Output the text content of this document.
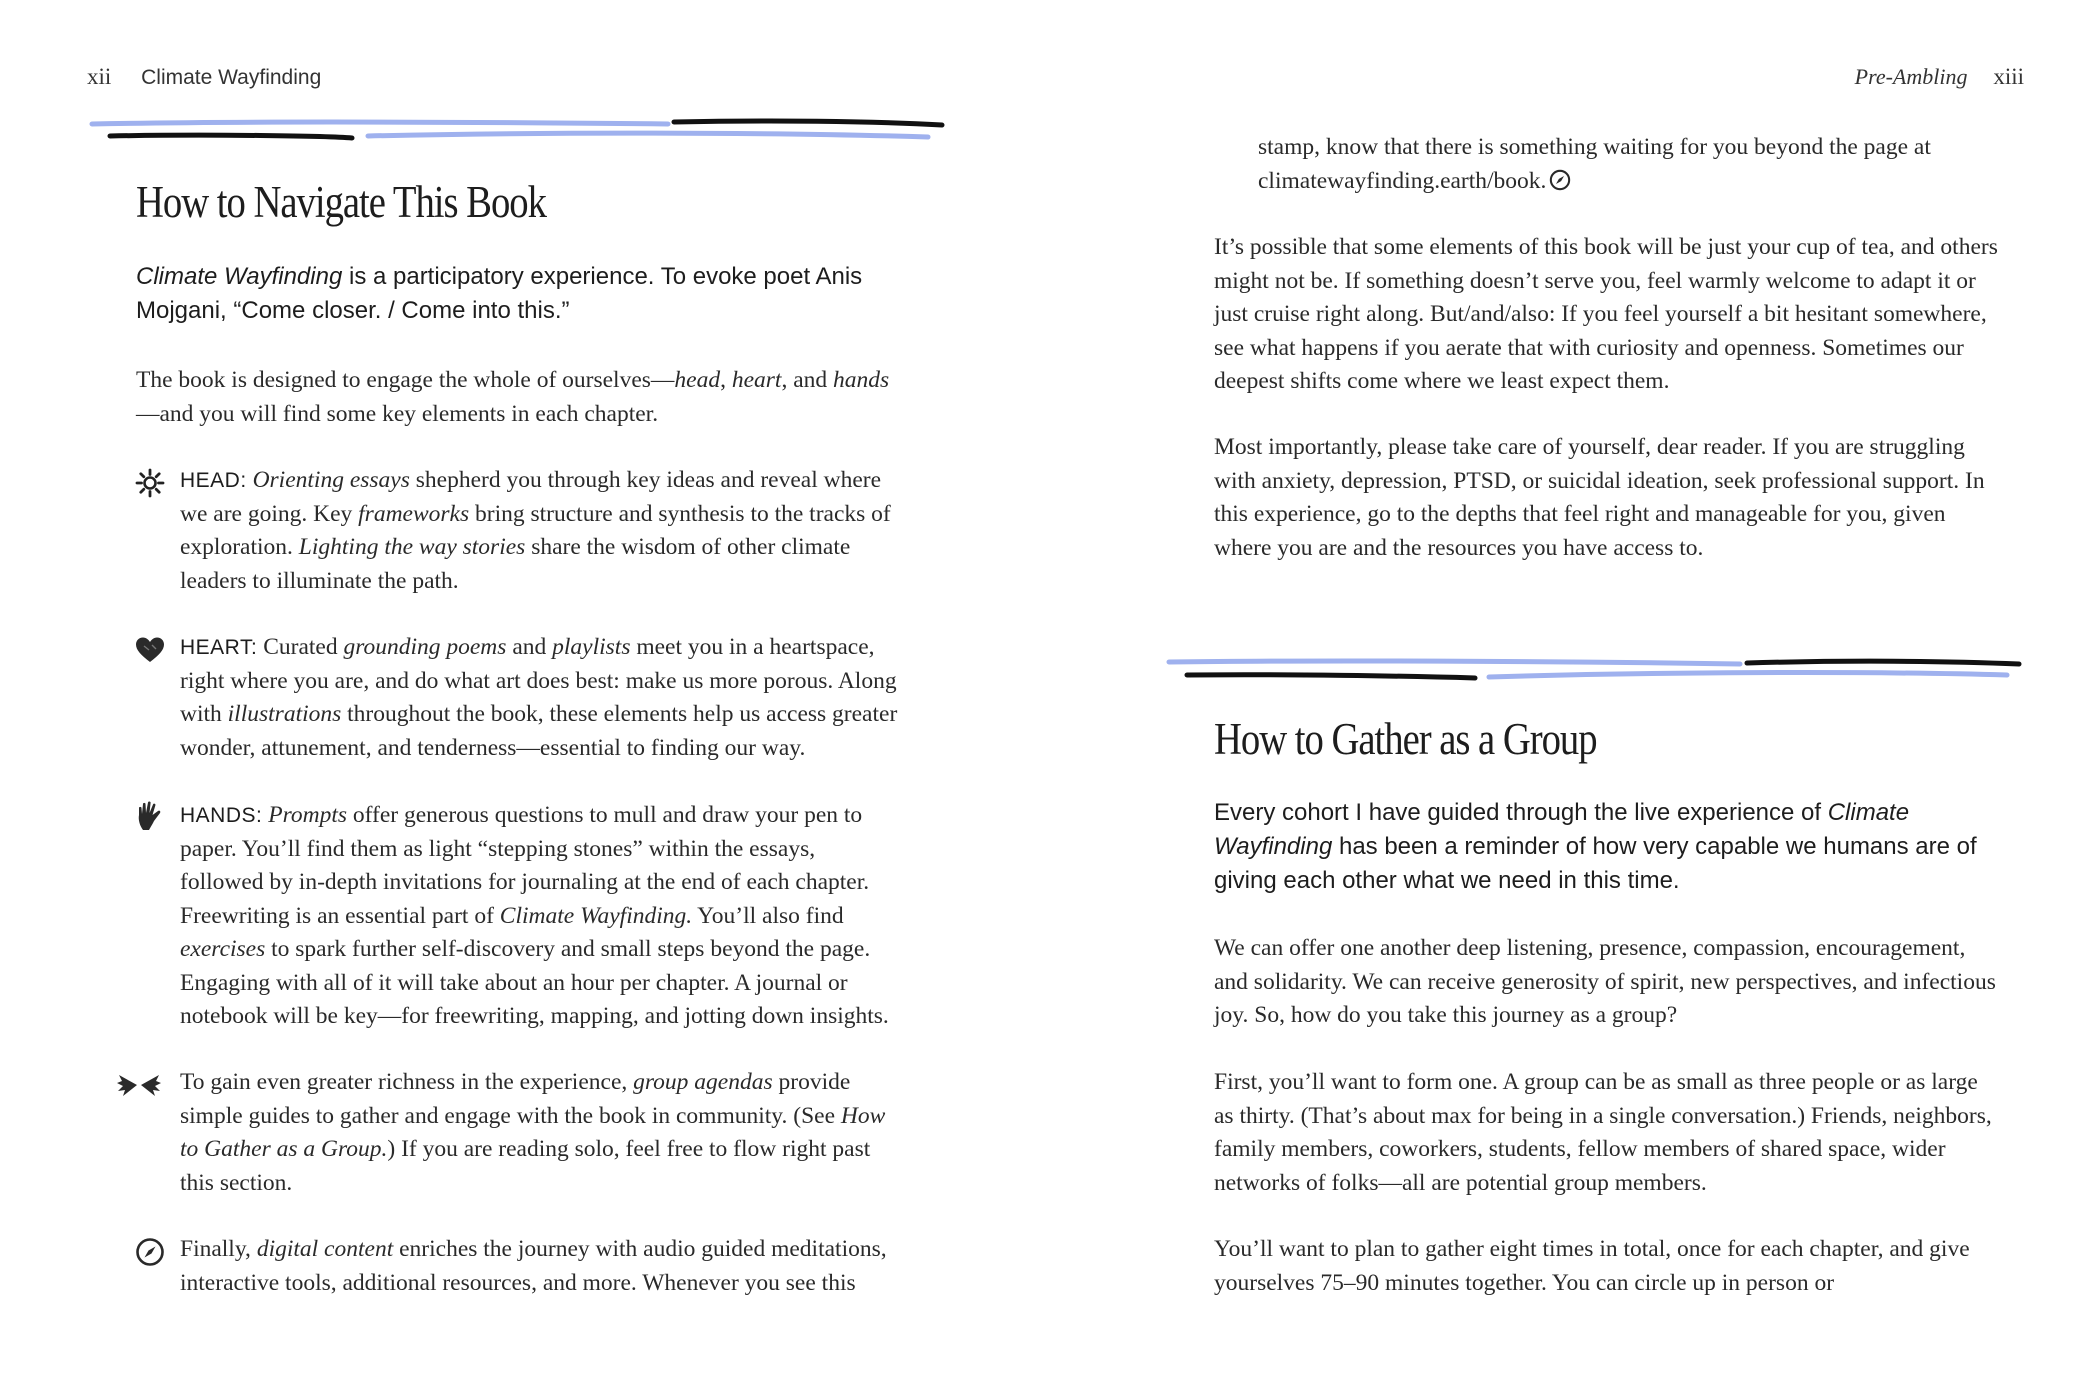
xii Climate Wayfinding
How to Navigate This Book

Climate Wayfinding is a participatory experience. To evoke poet Anis Mojgani, “Come closer. / Come into this.”

The book is designed to engage the whole of ourselves—head, heart, and hands—and you will find some key elements in each chapter.

HEAD: Orienting essays shepherd you through key ideas and reveal where we are going. Key frameworks bring structure and synthesis to the tracks of exploration. Lighting the way stories share the wisdom of other climate leaders to illuminate the path.

HEART: Curated grounding poems and playlists meet you in a heartspace, right where you are, and do what art does best: make us more porous. Along with illustrations throughout the book, these elements help us access greater wonder, attunement, and tenderness—essential to finding our way.

HANDS: Prompts offer generous questions to mull and draw your pen to paper. You’ll find them as light “stepping stones” within the essays, followed by in-depth invitations for journaling at the end of each chapter. Freewriting is an essential part of Climate Wayfinding. You’ll also find exercises to spark further self-discovery and small steps beyond the page. Engaging with all of it will take about an hour per chapter. A journal or notebook will be key—for freewriting, mapping, and jotting down insights.

To gain even greater richness in the experience, group agendas provide simple guides to gather and engage with the book in community. (See How to Gather as a Group.) If you are reading solo, feel free to flow right past this section.

Finally, digital content enriches the journey with audio guided meditations, interactive tools, additional resources, and more. Whenever you see this

Pre-Ambling xiii

stamp, know that there is something waiting for you beyond the page at climatewayfinding.earth/book.

It’s possible that some elements of this book will be just your cup of tea, and others might not be. If something doesn’t serve you, feel warmly welcome to adapt it or just cruise right along. But/and/also: If you feel yourself a bit hesitant somewhere, see what happens if you aerate that with curiosity and openness. Sometimes our deepest shifts come where we least expect them.

Most importantly, please take care of yourself, dear reader. If you are struggling with anxiety, depression, PTSD, or suicidal ideation, seek professional support. In this experience, go to the depths that feel right and manageable for you, given where you are and the resources you have access to.

How to Gather as a Group

Every cohort I have guided through the live experience of Climate Wayfinding has been a reminder of how very capable we humans are of giving each other what we need in this time.

We can offer one another deep listening, presence, compassion, encouragement, and solidarity. We can receive generosity of spirit, new perspectives, and infectious joy. So, how do you take this journey as a group?

First, you’ll want to form one. A group can be as small as three people or as large as thirty. (That’s about max for being in a single conversation.) Friends, neighbors, family members, coworkers, students, fellow members of shared space, wider networks of folks—all are potential group members.

You’ll want to plan to gather eight times in total, once for each chapter, and give yourselves 75–90 minutes together. You can circle up in person or
